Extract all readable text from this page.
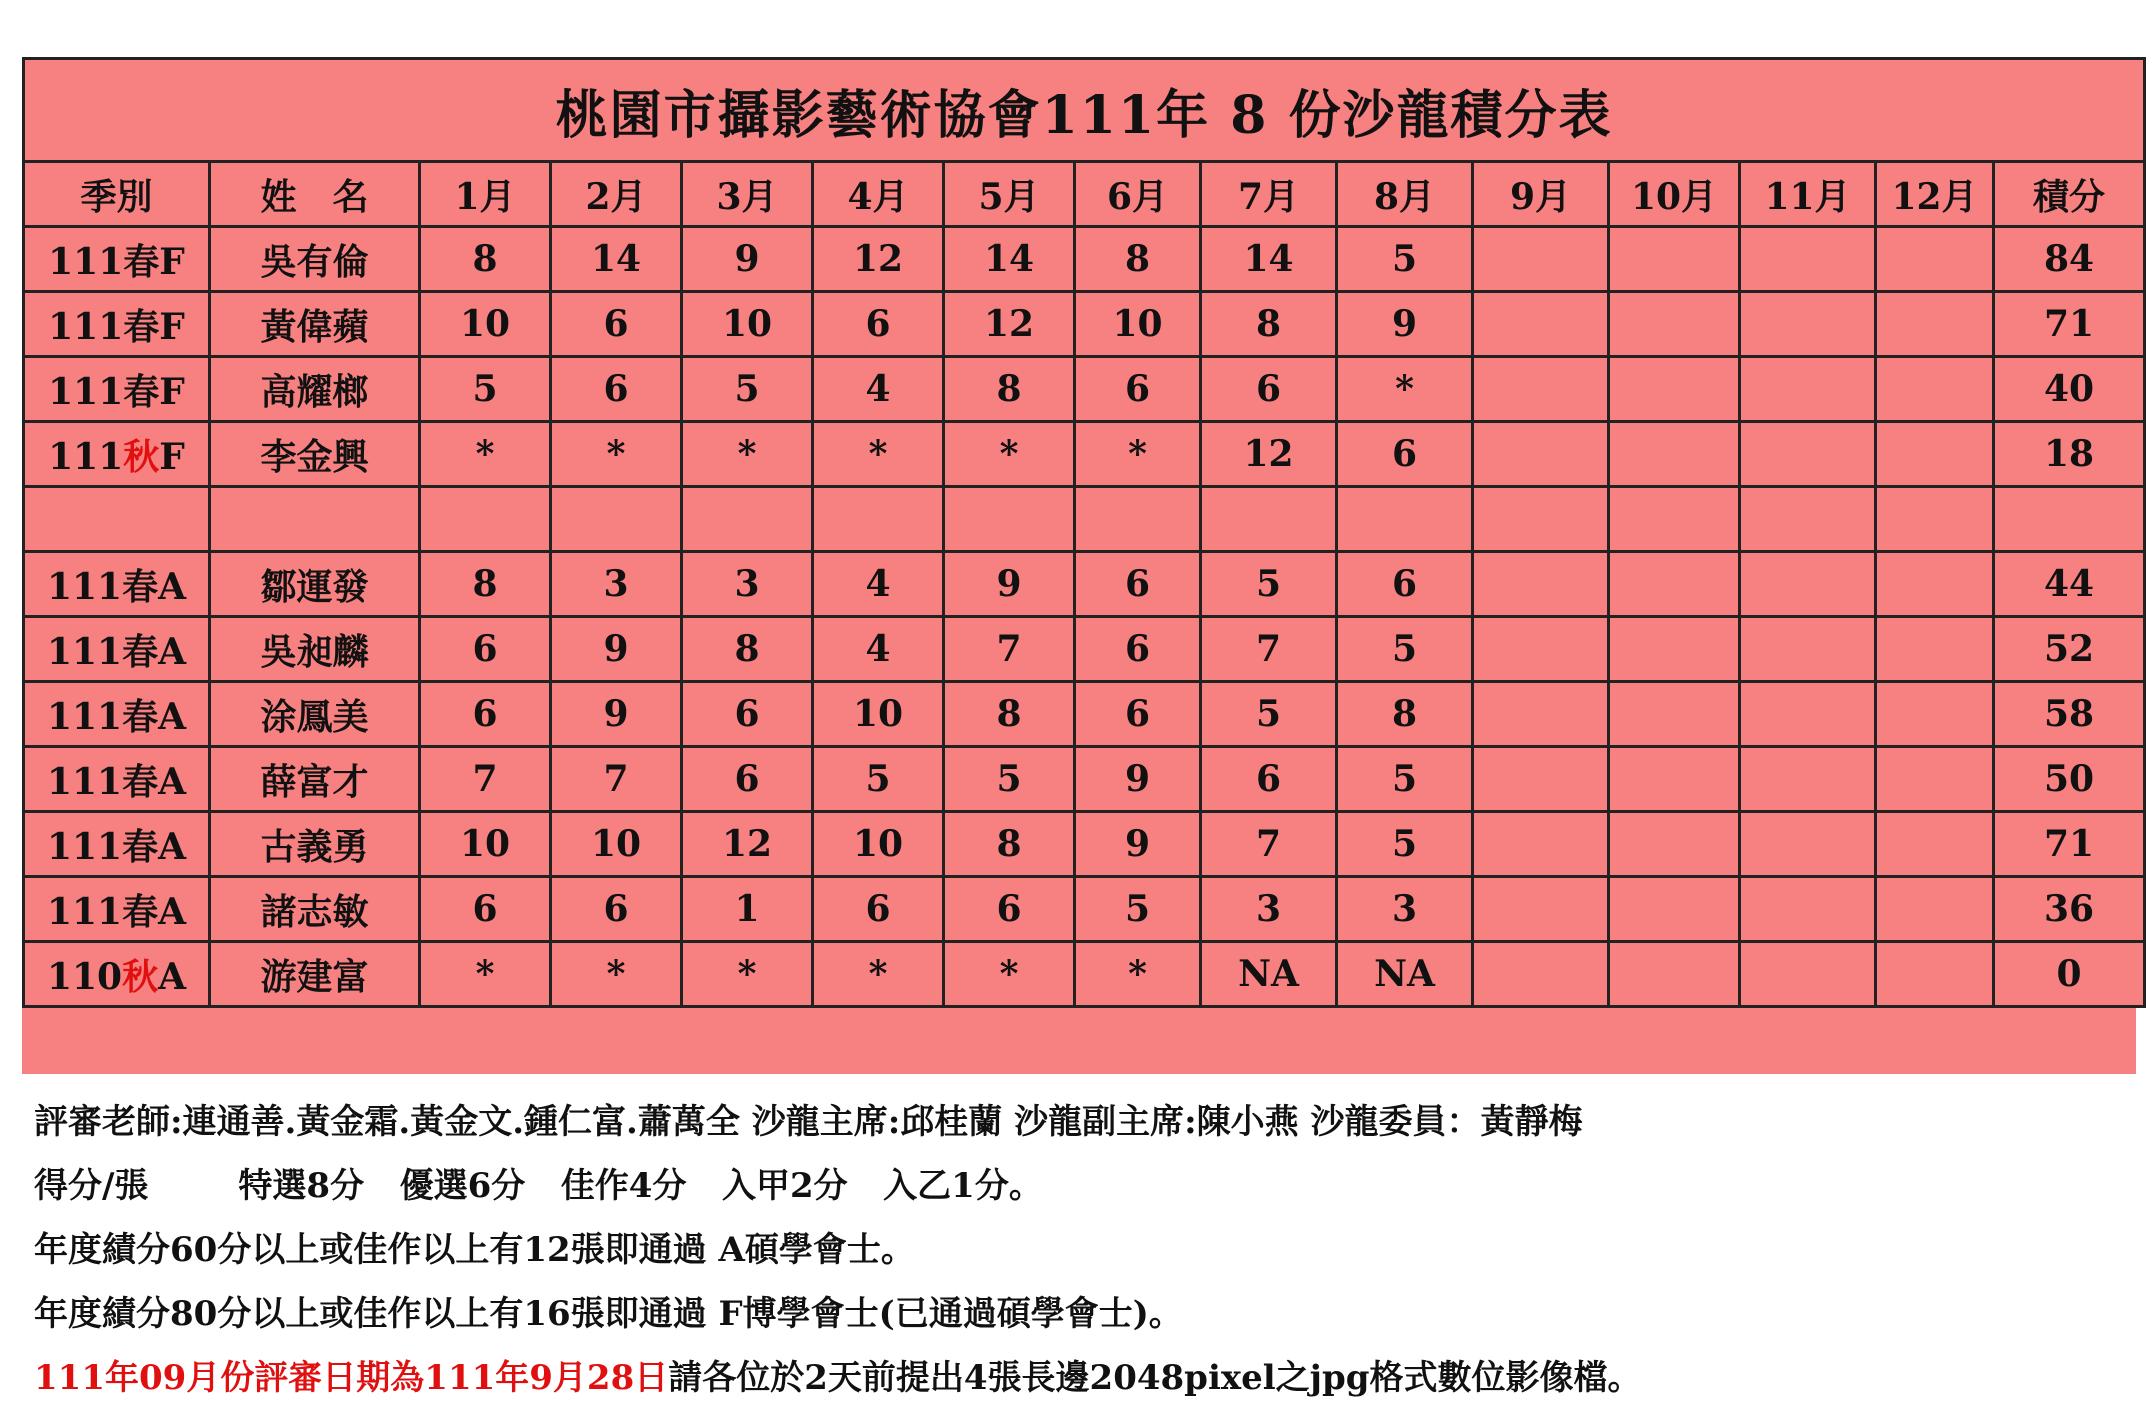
桃園市攝影藝術協會111年 8 份沙龍積分表														
季別	姓　名	1月	2月	3月	4月	5月	6月	7月	8月	9月	10月	11月	12月	積分
111春F	吳有倫	8	14	9	12	14	8	14	5					84
111春F	黃偉蘋	10	6	10	6	12	10	8	9					71
111春F	高耀榔	5	6	5	4	8	6	6	*					40
111秋F	李金興	*	*	*	*	*	*	12	6					18

111春A	鄒運發	8	3	3	4	9	6	5	6					44
111春A	吳昶麟	6	9	8	4	7	6	7	5					52
111春A	涂鳳美	6	9	6	10	8	6	5	8					58
111春A	薛富才	7	7	6	5	5	9	6	5					50
111春A	古義勇	10	10	12	10	8	9	7	5					71
111春A	諸志敏	6	6	1	6	6	5	3	3					36
110秋A	游建富	*	*	*	*	*	*	NA	NA					0
評審老師:連通善.黃金霜.黃金文.鍾仁富.蕭萬全 沙龍主席:邱桂蘭 沙龍副主席:陳小燕 沙龍委員：黃靜梅
得分/張	特選8分 優選6分 佳作4分 入甲2分 入乙1分。
年度績分60分以上或佳作以上有12張即通過 A碩學會士。
年度績分80分以上或佳作以上有16張即通過 F博學會士(已通過碩學會士)。
111年09月份評審日期為111年9月28日請各位於2天前提出4張長邊2048pixel之jpg格式數位影像檔。
